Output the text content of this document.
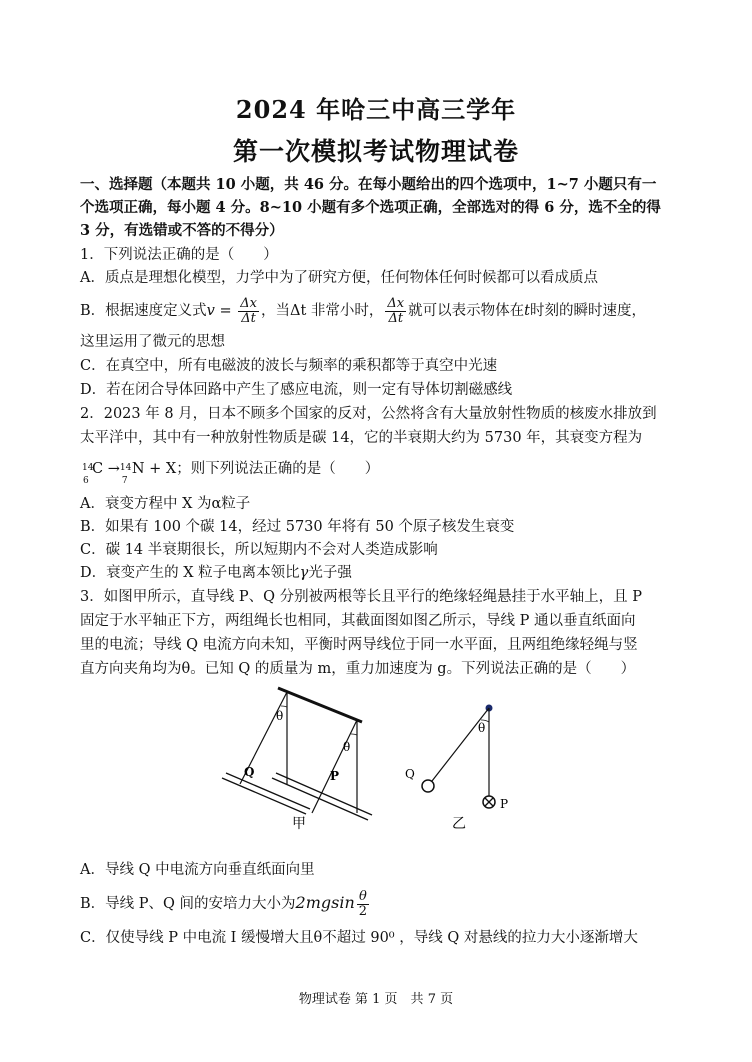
2024 年哈三中高三学年
第一次模拟考试物理试卷
一、选择题（本题共 10 小题，共 46 分。在每小题给出的四个选项中，1~7 小题只有一
个选项正确，每小题 4 分。8~10 小题有多个选项正确，全部选对的得 6 分，选不全的得
3 分，有选错或不答的不得分）
1．下列说法正确的是（　　）
A．质点是理想化模型，力学中为了研究方便，任何物体任何时候都可以看成质点
B．根据速度定义式$v = \frac{\Delta x}{\Delta t}$ ，当Δt 非常小时， $\frac{\Delta x}{\Delta t}$ 就可以表示物体在t时刻的瞬时速度，
这里运用了微元的思想
C．在真空中，所有电磁波的波长与频率的乘积都等于真空中光速
D．若在闭合导体回路中产生了感应电流，则一定有导体切割磁感线
2．2023 年 8 月，日本不顾多个国家的反对，公然将含有大量放射性物质的核废水排放到
太平洋中，其中有一种放射性物质是碳 14，它的半衰期大约为 5730 年，其衰变方程为
14
6
C → 14
7
N + X；则下列说法正确的是（　　）
A．衰变方程中 X 为α粒子
B．如果有 100 个碳 14，经过 5730 年将有 50 个原子核发生衰变
C．碳 14 半衰期很长，所以短期内不会对人类造成影响
D．衰变产生的 X 粒子电离本领比γ光子强
3．如图甲所示，直导线 P、Q 分别被两根等长且平行的绝缘轻绳悬挂于水平轴上，且 P
固定于水平轴正下方，两组绳长也相同，其截面图如图乙所示，导线 P 通以垂直纸面向
里的电流；导线 Q 电流方向未知，平衡时两导线位于同一水平面，且两组绝缘轻绳与竖
直方向夹角均为θ。已知 Q 的质量为 m，重力加速度为 g。下列说法正确的是（　　）
θ
θ
Q	P
甲
θ
Q
P
乙
A．导线 Q 中电流方向垂直纸面向里
B．导线 P、Q 间的安培力大小为$2mgsin \frac{\theta}{2}$
C．仅使导线 P 中电流 I 缓慢增大且θ不超过 90⁰ ，导线 Q 对悬线的拉力大小逐渐增大
物理试卷 第 1 页　共 7 页
